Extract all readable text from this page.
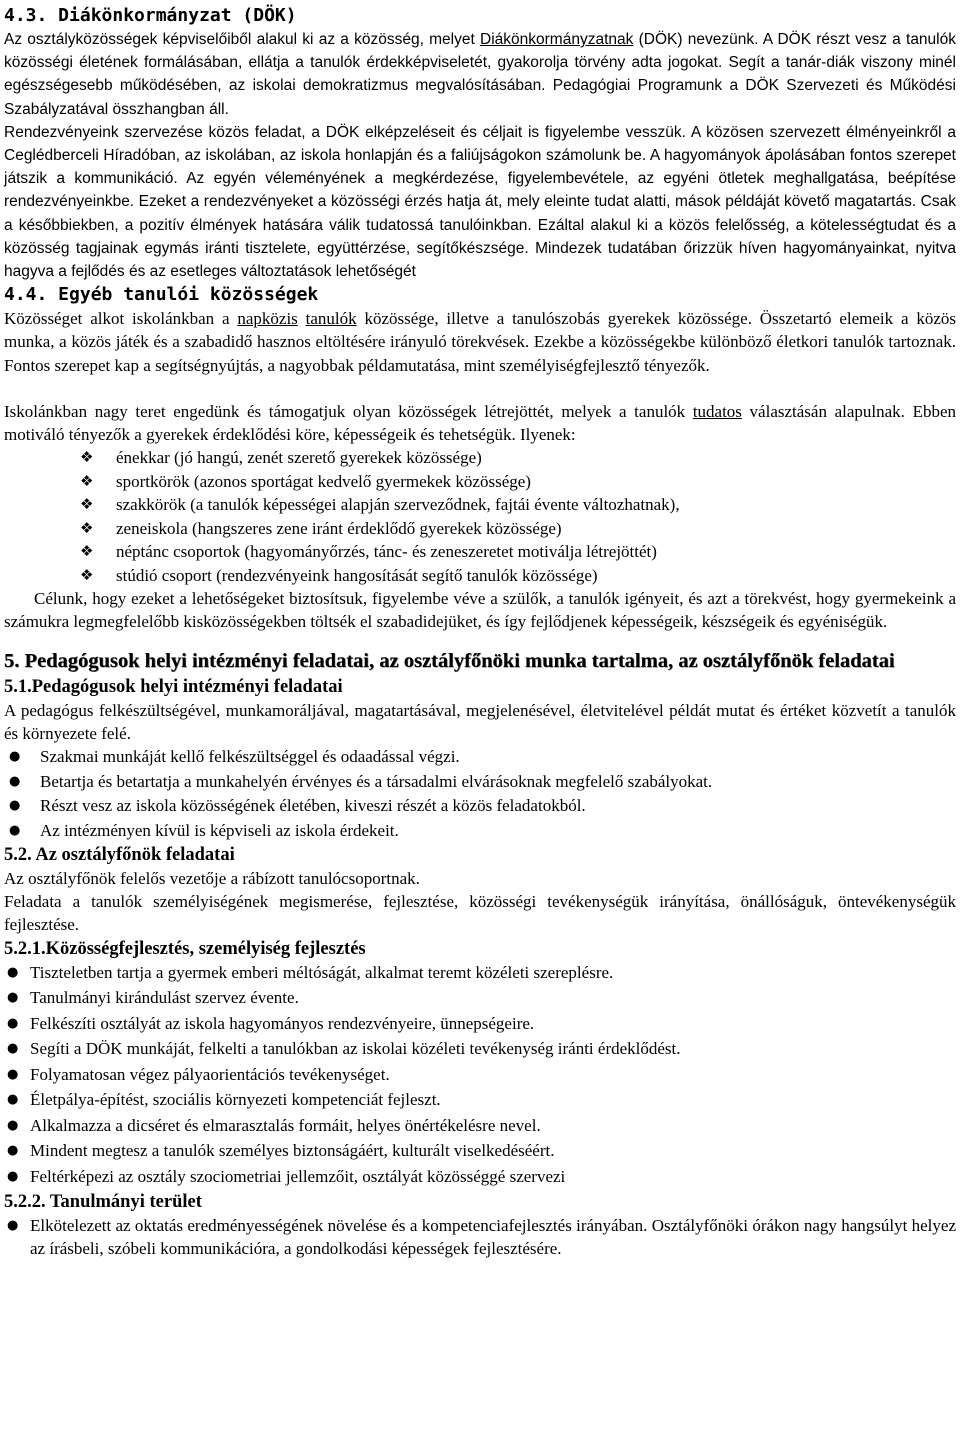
4.3. Diákönkormányzat (DÖK)

Az osztályközösségek képviselőiből alakul ki az a közösség, melyet Diákönkormányzatnak (DÖK) nevezünk. A DÖK részt vesz a tanulók közösségi életének formálásában, ellátja a tanulók érdekképviseletét, gyakorolja törvény adta jogokat. Segít a tanár-diák viszony minél egészségesebb működésében, az iskolai demokratizmus megvalósításában. Pedagógiai Programunk a DÖK Szervezeti és Működési Szabályzatával összhangban áll.

Rendezvényeink szervezése közös feladat, a DÖK elképzeléseit és céljait is figyelembe vesszük. A közösen szervezett élményeinkről a Ceglédberceli Híradóban, az iskolában, az iskola honlapján és a faliújságokon számolunk be. A hagyományok ápolásában fontos szerepet játszik a kommunikáció. Az egyén véleményének a megkérdezése, figyelembevétele, az egyéni ötletek meghallgatása, beépítése rendezvényeinkbe. Ezeket a rendezvényeket a közösségi érzés hatja át, mely eleinte tudat alatti, mások példáját követő magatartás. Csak a későbbiekben, a pozitív élmények hatására válik tudatossá tanulóinkban. Ezáltal alakul ki a közös felelősség, a kötelességtudat és a közösség tagjainak egymás iránti tisztelete, együttérzése, segítőkészsége. Mindezek tudatában őrizzük híven hagyományainkat, nyitva hagyva a fejlődés és az esetleges változtatások lehetőségét

4.4. Egyéb tanulói közösségek

Közösséget alkot iskolánkban a napközis tanulók közössége, illetve a tanulószobás gyerekek közössége. Összetartó elemeik a közös munka, a közös játék és a szabadidő hasznos eltöltésére irányuló törekvések. Ezekbe a közösségekbe különböző életkori tanulók tartoznak. Fontos szerepet kap a segítségnyújtás, a nagyobbak példamutatása, mint személyiségfejlesztő tényezők.

Iskolánkban nagy teret engedünk és támogatjuk olyan közösségek létrejöttét, melyek a tanulók tudatos választásán alapulnak. Ebben motiváló tényezők a gyerekek érdeklődési köre, képességeik és tehetségük. Ilyenek:

❖ énekkar (jó hangú, zenét szerető gyerekek közössége)
❖ sportkörök (azonos sportágat kedvelő gyermekek közössége)
❖ szakkörök (a tanulók képességei alapján szerveződnek, fajtái évente változhatnak),
❖ zeneiskola (hangszeres zene iránt érdeklődő gyerekek közössége)
❖ néptánc csoportok (hagyományőrzés, tánc- és zeneszeretet motiválja létrejöttét)
❖ stúdió csoport (rendezvényeink hangosítását segítő tanulók közössége)

Célunk, hogy ezeket a lehetőségeket biztosítsuk, figyelembe véve a szülők, a tanulók igényeit, és azt a törekvést, hogy gyermekeink a számukra legmegfelelőbb kisközösségekben töltsék el szabadidejüket, és így fejlődjenek képességeik, készségeik és egyéniségük.

5. Pedagógusok helyi intézményi feladatai, az osztályfőnöki munka tartalma, az osztályfőnök feladatai
5.1.Pedagógusok helyi intézményi feladatai

A pedagógus felkészültségével, munkamorálјával, magatartásával, megjelenésével, életvitelével példát mutat és értéket közvetít a tanulók és környezete felé.

● Szakmai munkáját kellő felkészültséggel és odaadással végzi.
● Betartja és betartatja a munkahelyén érvényes és a társadalmi elvárásoknak megfelelő szabályokat.
● Részt vesz az iskola közösségének életében, kiveszi részét a közös feladatokból.
● Az intézményen kívül is képviseli az iskola érdekeit.
5.2. Az osztályfőnök feladatai

Az osztályfőnök felelős vezetője a rábízott tanulócsoportnak.

Feladata a tanulók személyiségének megismerése, fejlesztése, közösségi tevékenységük irányítása, önállóságuk, öntevékenységük fejlesztése.

5.2.1.Közösségfejlesztés, személyiség fejlesztés
● Tiszteletben tartja a gyermek emberi méltóságát, alkalmat teremt közéleti szereplésre.
● Tanulmányi kirándulást szervez évente.
● Felkészíti osztályát az iskola hagyományos rendezvényeire, ünnepségeire.
● Segíti a DÖK munkáját, felkelti a tanulókban az iskolai közéleti tevékenység iránti érdeklődést.
● Folyamatosan végez pályaorientációs tevékenységet.
● Életpálya-építést, szociális környezeti kompetenciát fejleszt.
● Alkalmazza a dicséret és elmarasztalás formáit, helyes önértékelésre nevel.
● Mindent megtesz a tanulók személyes biztonságáért, kulturált viselkedéséért.
● Feltérképezi az osztály szociometriai jellemzőit, osztályát közösséggé szervezi
5.2.2. Tanulmányi terület
● Elkötelezett az oktatás eredményességének növelése és a kompetenciafejlesztés irányában. Osztályfőnöki órákon nagy hangsúlyt helyez az írásbeli, szóbeli kommunikációra, a gondolkodási képességek fejlesztésére.
